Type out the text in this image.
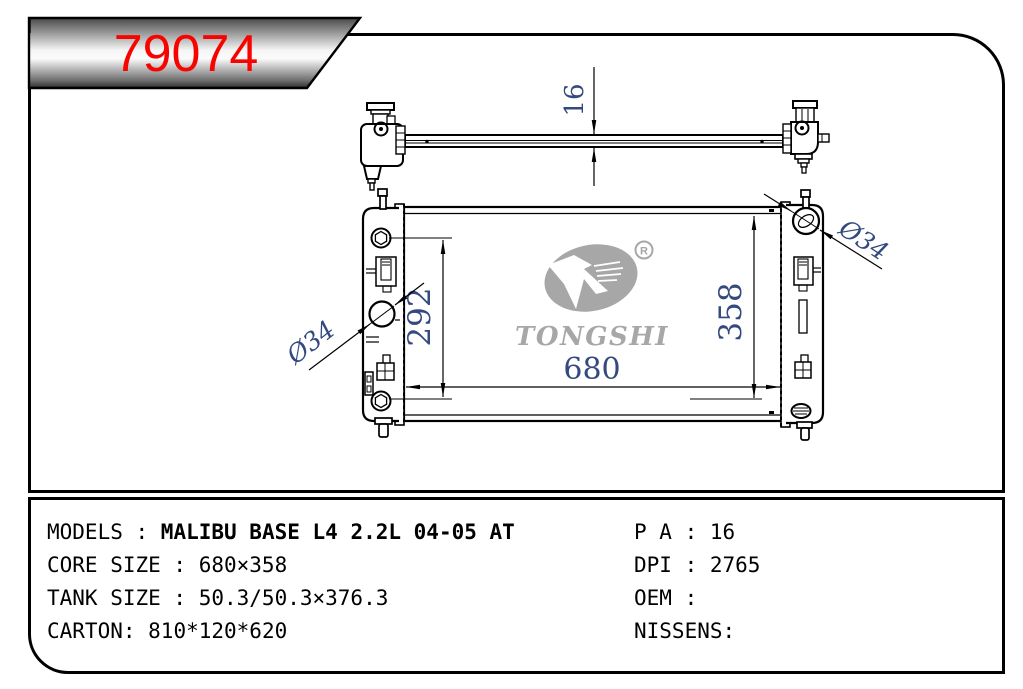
79074
16
292
680
358
Ø34
Ø34
R
TONGSHI
MODELS : MALIBU BASE L4 2.2L 04-05 AT
CORE SIZE : 680×358
TANK SIZE : 50.3/50.3×376.3
CARTON: 810*120*620
P A : 16
DPI : 2765
OEM :
NISSENS:
